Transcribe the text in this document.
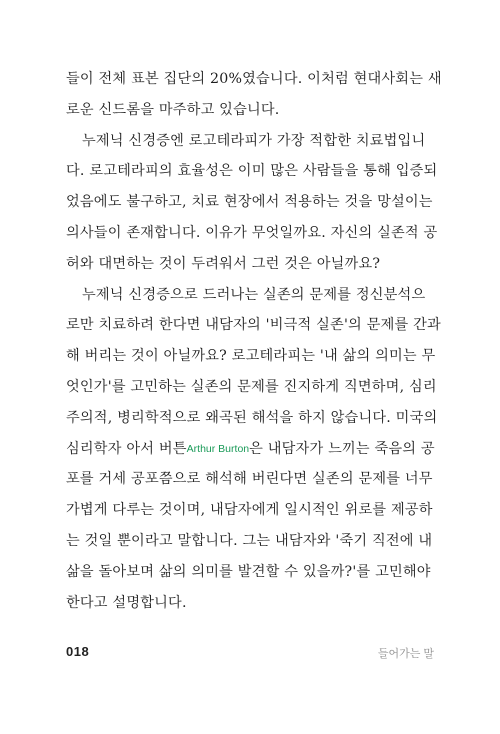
들이 전체 표본 집단의 20%였습니다. 이처럼 현대사회는 새
로운 신드롬을 마주하고 있습니다.
누제닉 신경증엔 로고테라피가 가장 적합한 치료법입니
다. 로고테라피의 효율성은 이미 많은 사람들을 통해 입증되
었음에도 불구하고, 치료 현장에서 적용하는 것을 망설이는
의사들이 존재합니다. 이유가 무엇일까요. 자신의 실존적 공
허와 대면하는 것이 두려워서 그런 것은 아닐까요?
누제닉 신경증으로 드러나는 실존의 문제를 정신분석으
로만 치료하려 한다면 내담자의 '비극적 실존'의 문제를 간과
해 버리는 것이 아닐까요? 로고테라피는 '내 삶의 의미는 무
엇인가'를 고민하는 실존의 문제를 진지하게 직면하며, 심리
주의적, 병리학적으로 왜곡된 해석을 하지 않습니다. 미국의
심리학자 아서 버튼Arthur Burton은 내담자가 느끼는 죽음의 공
포를 거세 공포쯤으로 해석해 버린다면 실존의 문제를 너무
가볍게 다루는 것이며, 내담자에게 일시적인 위로를 제공하
는 것일 뿐이라고 말합니다. 그는 내담자와 '죽기 직전에 내
삶을 돌아보며 삶의 의미를 발견할 수 있을까?'를 고민해야
한다고 설명합니다.
018	들어가는 말
